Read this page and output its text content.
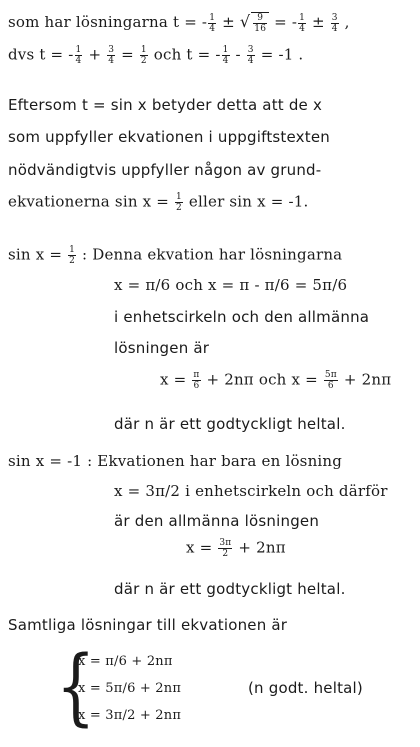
som har lösningarna t = - $\frac{1}{4}$ ± √ $\frac{9}{16}$ = - $\frac{1}{4} \pm \frac{3}{4}$ ,
dvs t = - $\frac{1}{4} + \frac{3}{4} = \frac{1}{2}$ och t = - $\frac{1}{4} - \frac{3}{4} = -1$ .
Eftersom t = sin x betyder detta att de x
som uppfyller ekvationen i uppgiftstexten
nödvändigtvis uppfyller någon av grund-
ekvationerna $\sin x = \frac{1}{2}$ eller sin x = -1.
$\sin x = \frac{1}{2}$ : Denna ekvation har lösningarna
x = π/6 och x = π - π/6 = 5π/6
i enhetscirkeln och den allmänna
lösningen är
$x = \frac{\pi}{6} + 2n\pi$ och $x = \frac{5\pi}{6} + 2n\pi$
där n är ett godtyckligt heltal.
sin x = -1 : Ekvationen har bara en lösning
x = 3π/2 i enhetscirkeln och därför
är den allmänna lösningen
$x = \frac{3\pi}{2} + 2n\pi$
där n är ett godtyckligt heltal.
Samtliga lösningar till ekvationen är
{
x = π/6 + 2nπ
x = 5π/6 + 2nπ
x = 3π/2 + 2nπ
(n godt. heltal)
